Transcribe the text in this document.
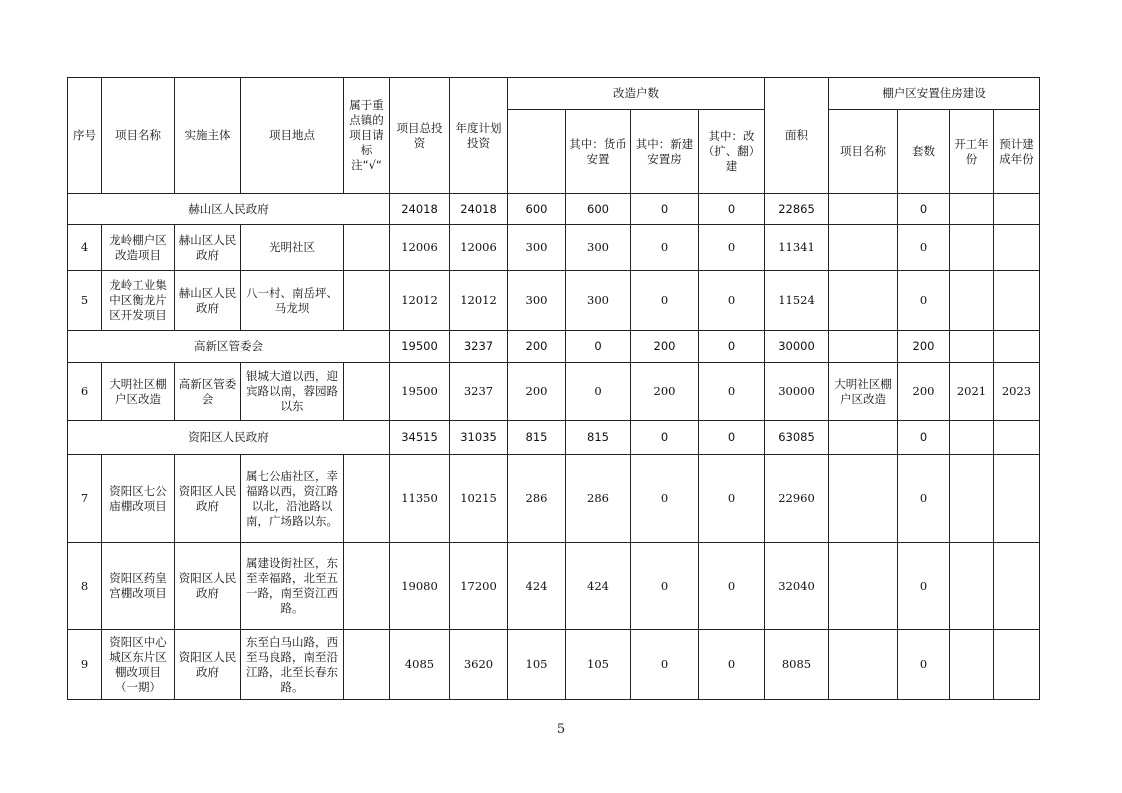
序号	项目名称	实施主体	项目地点	属于重点镇的项目请标注“√“	项目总投资	年度计划投资	改造户数				面积	棚户区安置住房建设			
								其中：货币安置	其中：新建安置房	其中：改（扩、翻）建		项目名称	套数	开工年份	预计建成年份
赫山区人民政府					24018	24018	600	600	0	0	22865		0		
4	龙岭棚户区改造项目	赫山区人民政府	光明社区		12006	12006	300	300	0	0	11341		0		
5	龙岭工业集中区衡龙片区开发项目	赫山区人民政府	八一村、南岳坪、马龙坝		12012	12012	300	300	0	0	11524		0		
高新区管委会					19500	3237	200	0	200	0	30000		200		
6	大明社区棚户区改造	高新区管委会	银城大道以西，迎宾路以南，蓉园路以东		19500	3237	200	0	200	0	30000	大明社区棚户区改造	200	2021	2023
资阳区人民政府					34515	31035	815	815	0	0	63085		0		
7	资阳区七公庙棚改项目	资阳区人民政府	属七公庙社区，幸福路以西，资江路以北，沿池路以南，广场路以东。		11350	10215	286	286	0	0	22960		0		
8	资阳区药皇宫棚改项目	资阳区人民政府	属建设街社区，东至幸福路，北至五一路，南至资江西路。		19080	17200	424	424	0	0	32040		0		
9	资阳区中心城区东片区棚改项目（一期）	资阳区人民政府	东至白马山路，西至马良路，南至沿江路，北至长春东路。		4085	3620	105	105	0	0	8085		0		
5
